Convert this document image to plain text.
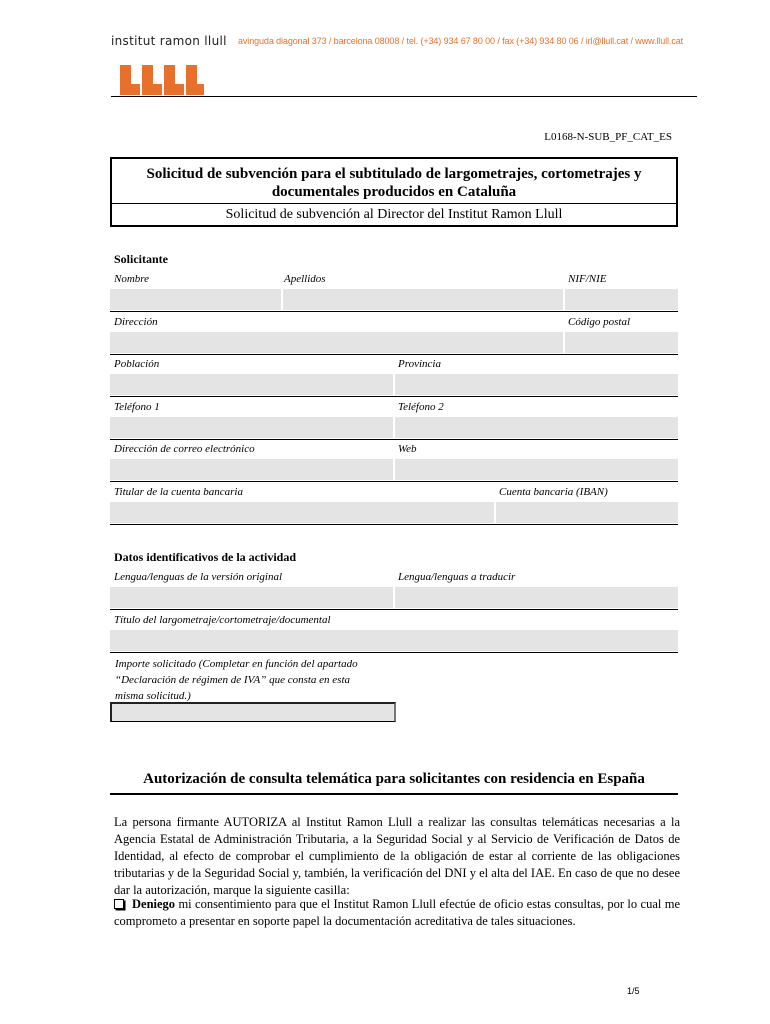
institut ramon llull avinguda diagonal 373 / barcelona 08008 / tel. (+34) 934 67 80 00 / fax (+34) 934 80 06 / irl@llull.cat / www.llull.cat
L0168-N-SUB_PF_CAT_ES
Solicitud de subvención para el subtitulado de largometrajes, cortometrajes y documentales producidos en Cataluña
Solicitud de subvención al Director del Institut Ramon Llull
Solicitante
Nombre	Apellidos	NIF/NIE
Dirección	Código postal
Población	Provincia
Teléfono 1	Teléfono 2
Dirección de correo electrónico	Web
Titular de la cuenta bancaria	Cuenta bancaria (IBAN)
Datos identificativos de la actividad
Lengua/lenguas de la versión original	Lengua/lenguas a traducir
Título del largometraje/cortometraje/documental
Importe solicitado (Completar en función del apartado
“Declaración de régimen de IVA” que consta en esta
misma solicitud.)
Autorización de consulta telemática para solicitantes con residencia en España
La persona firmante AUTORIZA al Institut Ramon Llull a realizar las consultas telemáticas necesarias a la Agencia Estatal de Administración Tributaria, a la Seguridad Social y al Servicio de Verificación de Datos de Identidad, al efecto de comprobar el cumplimiento de la obligación de estar al corriente de las obligaciones tributarias y de la Seguridad Social y, también, la verificación del DNI y el alta del IAE. En caso de que no desee dar la autorización, marque la siguiente casilla:
Deniego mi consentimiento para que el Institut Ramon Llull efectúe de oficio estas consultas, por lo cual me comprometo a presentar en soporte papel la documentación acreditativa de tales situaciones.
1/5
